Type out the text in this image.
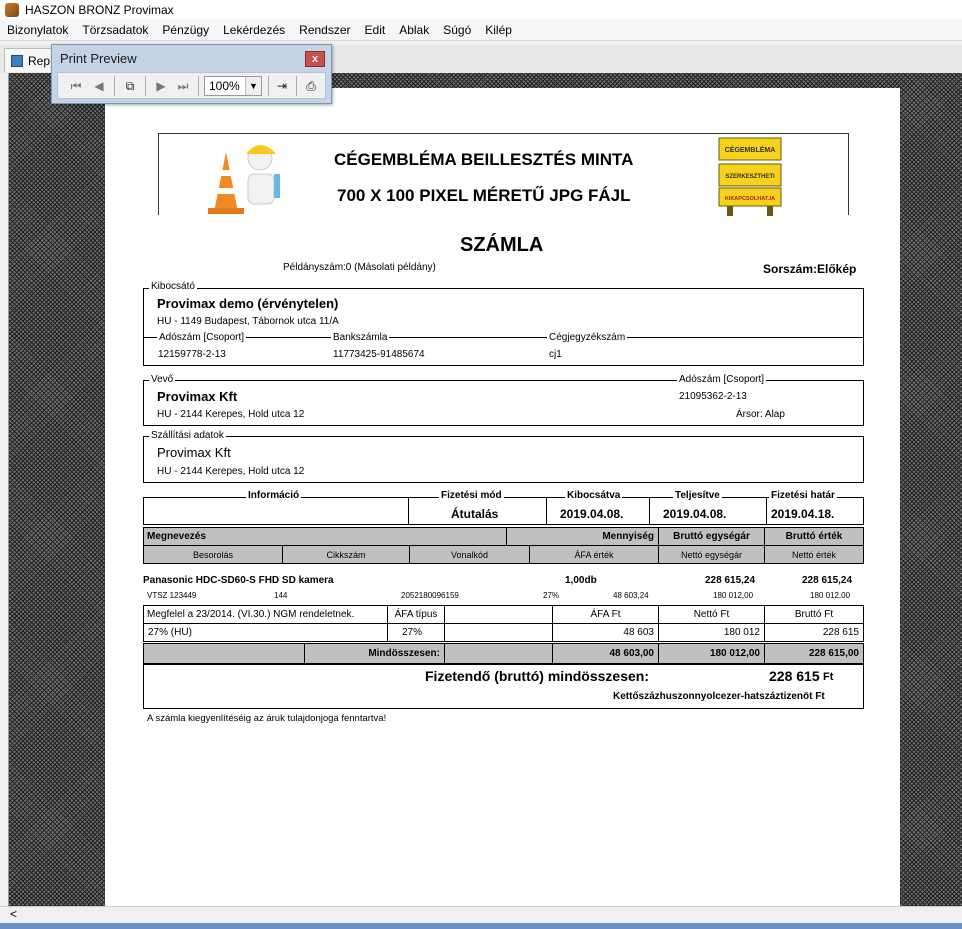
HASZON BRONZ Provimax
Bizonylatok	Törzsadatok	Pénzügy	Lekérdezés	Rendszer	Edit	Ablak	Súgó	Kilép
Rep
CÉGEMBLÉMA BEILLESZTÉS MINTA
700 X 100 PIXEL MÉRETŰ JPG FÁJL
CÉGEMBLÉMA
SZERKESZTHETI
KIKAPCSOLHATJA
SZÁMLA
Példányszám:0 (Másolati példány)	Sorszám:Előkép
Kibocsátó
Provimax demo (érvénytelen)
HU - 1149 Budapest, Tábornok utca 11/A
Adószám [Csoport]	Bankszámla	Cégjegyzékszám
12159778-2-13	11773425-91485674	cj1
Vevő	Adószám [Csoport]
Provimax Kft	21095362-2-13
HU - 2144 Kerepes, Hold utca 12	Ársor: Alap
Szállítási adatok
Provimax Kft
HU - 2144 Kerepes, Hold utca 12
Információ	Fizetési mód	Kibocsátva	Teljesítve	Fizetési határ
Átutalás	2019.04.08.	2019.04.08.	2019.04.18.
Megnevezés	Mennyiség	Bruttó egységár	Bruttó érték
Besorolás	Cikkszám	Vonalkód	ÁFA érték	Nettó egységár	Nettó érték
Panasonic HDC-SD60-S FHD SD kamera	1,00db	228 615,24	228 615,24
VTSZ 123449	144	2052180096159	27%	48 603,24	180 012,00	180 012,00
Megfelel a 23/2014. (VI.30.) NGM rendeletnek.	ÁFA típus	ÁFA Ft	Nettó Ft	Bruttó Ft
27% (HU)	27%	48 603	180 012	228 615
Mindösszesen:	48 603,00	180 012,00	228 615,00
Fizetendő (bruttó) mindösszesen:	228 615 Ft
Kettőszázhuszonnyolcezer-hatszáztizenöt Ft
A számla kiegyenlítéséig az áruk tulajdonjoga fenntartva!
Print Preview	x
⏮	◀	⧉	▶ ⏭	100%	▼	⇥	⎙
<
